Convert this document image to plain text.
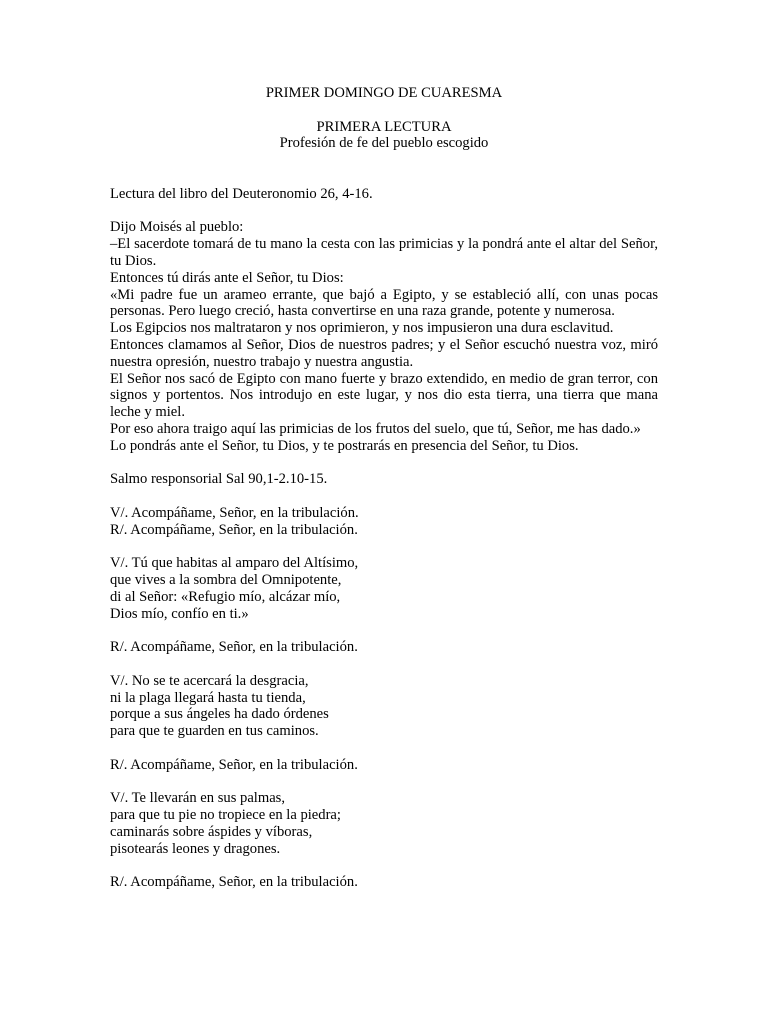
PRIMER DOMINGO DE CUARESMA

PRIMERA LECTURA

Profesión de fe del pueblo escogido

Lectura del libro del Deuteronomio 26, 4-16.

Dijo Moisés al pueblo:

–El sacerdote tomará de tu mano la cesta con las primicias y la pondrá ante el altar del Señor, tu Dios.

Entonces tú dirás ante el Señor, tu Dios:

«Mi padre fue un arameo errante, que bajó a Egipto, y se estableció allí, con unas pocas personas. Pero luego creció, hasta convertirse en una raza grande, potente y numerosa.

Los Egipcios nos maltrataron y nos oprimieron, y nos impusieron una dura esclavitud.

Entonces clamamos al Señor, Dios de nuestros padres; y el Señor escuchó nuestra voz, miró nuestra opresión, nuestro trabajo y nuestra angustia.

El Señor nos sacó de Egipto con mano fuerte y brazo extendido, en medio de gran terror, con signos y portentos. Nos introdujo en este lugar, y nos dio esta tierra, una tierra que mana leche y miel.

Por eso ahora traigo aquí las primicias de los frutos del suelo, que tú, Señor, me has dado.»

Lo pondrás ante el Señor, tu Dios, y te postrarás en presencia del Señor, tu Dios.

Salmo responsorial Sal 90,1-2.10-15.

V/. Acompáñame, Señor, en la tribulación.

R/. Acompáñame, Señor, en la tribulación.

V/. Tú que habitas al amparo del Altísimo,
que vives a la sombra del Omnipotente,
di al Señor: «Refugio mío, alcázar mío,
Dios mío, confío en ti.»

R/. Acompáñame, Señor, en la tribulación.

V/. No se te acercará la desgracia,
ni la plaga llegará hasta tu tienda,
porque a sus ángeles ha dado órdenes
para que te guarden en tus caminos.

R/. Acompáñame, Señor, en la tribulación.

V/. Te llevarán en sus palmas,
para que tu pie no tropiece en la piedra;
caminarás sobre áspides y víboras,
pisotearás leones y dragones.

R/. Acompáñame, Señor, en la tribulación.
